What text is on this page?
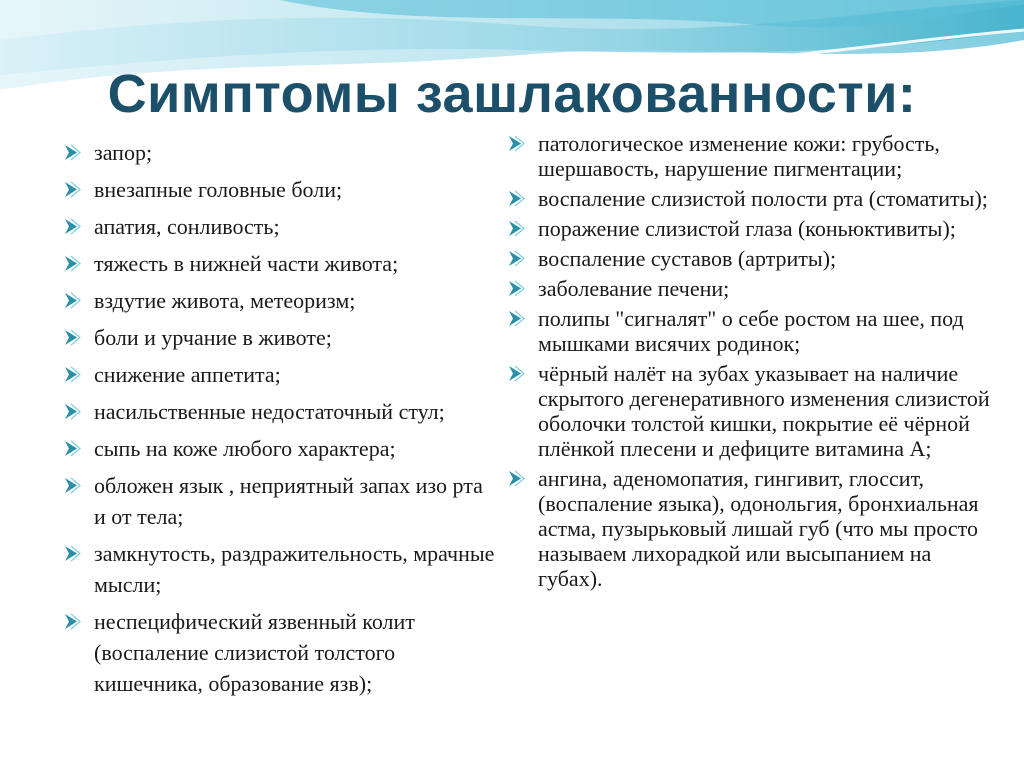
Симптомы зашлакованности:
запор;
внезапные головные боли;
апатия, сонливость;
тяжесть в нижней части живота;
вздутие живота, метеоризм;
боли и урчание в животе;
снижение аппетита;
насильственные недостаточный стул;
сыпь на коже любого характера;
обложен язык , неприятный запах изо рта и от тела;
замкнутость, раздражительность, мрачные мысли;
неспецифический язвенный колит (воспаление слизистой толстого кишечника, образование язв);
патологическое изменение кожи: грубость, шершавость, нарушение пигментации;
воспаление слизистой полости рта (стоматиты);
поражение слизистой глаза (коньюктивиты);
воспаление суставов (артриты);
заболевание печени;
полипы "сигналят" о себе ростом на шее, под мышками висячих родинок;
чёрный налёт на зубах указывает на наличие скрытого дегенеративного изменения слизистой оболочки толстой кишки, покрытие её чёрной плёнкой плесени и дефиците витамина А;
ангина, аденомопатия, гингивит, глоссит, (воспаление языка), одонольгия, бронхиальная астма, пузырьковый лишай губ (что мы просто называем лихорадкой или высыпанием на губах).
